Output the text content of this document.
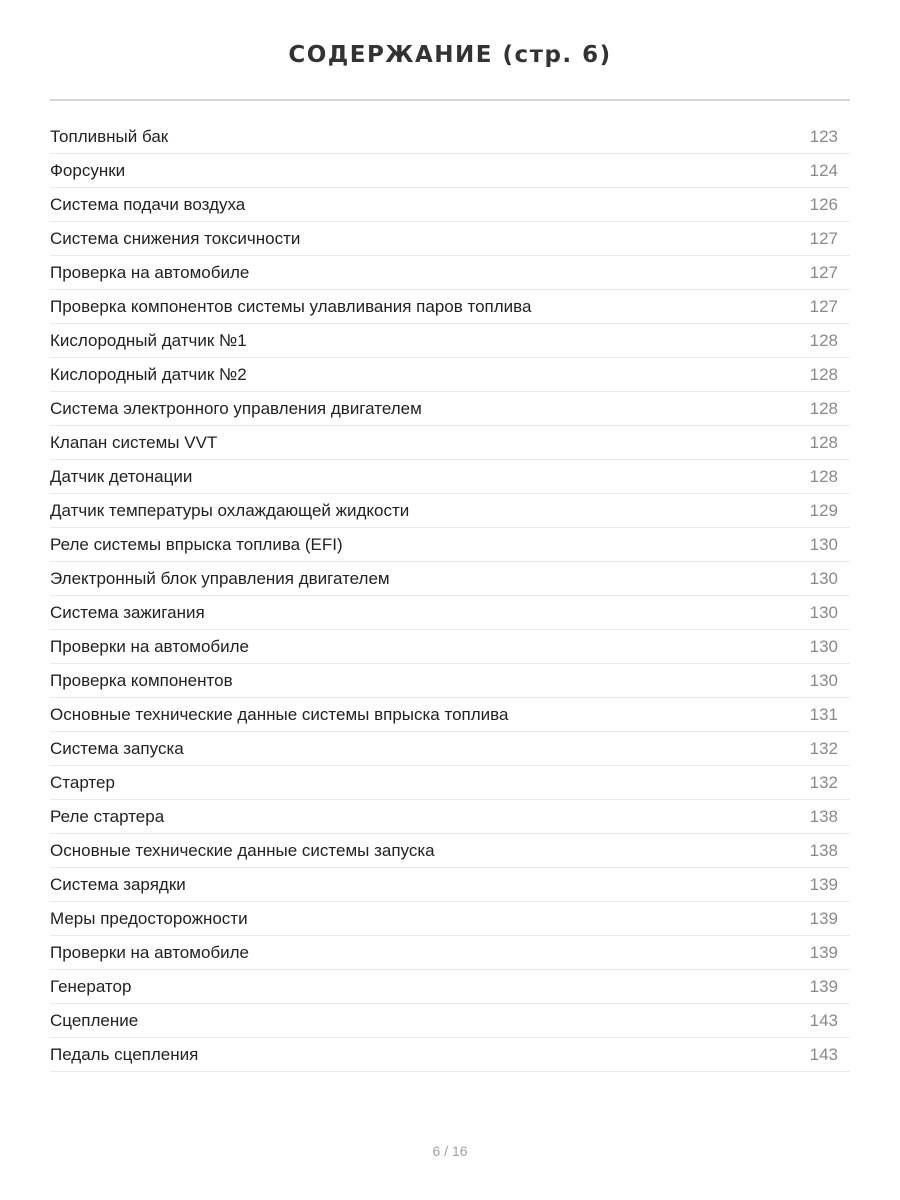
СОДЕРЖАНИЕ (стр. 6)
Топливный бак	123
Форсунки	124
Система подачи воздуха	126
Система снижения токсичности	127
Проверка на автомобиле	127
Проверка компонентов системы улавливания паров топлива	127
Кислородный датчик №1	128
Кислородный датчик №2	128
Система электронного управления двигателем	128
Клапан системы VVT	128
Датчик детонации	128
Датчик температуры охлаждающей жидкости	129
Реле системы впрыска топлива (EFI)	130
Электронный блок управления двигателем	130
Система зажигания	130
Проверки на автомобиле	130
Проверка компонентов	130
Основные технические данные системы впрыска топлива	131
Система запуска	132
Стартер	132
Реле стартера	138
Основные технические данные системы запуска	138
Система зарядки	139
Меры предосторожности	139
Проверки на автомобиле	139
Генератор	139
Сцепление	143
Педаль сцепления	143
6 / 16
